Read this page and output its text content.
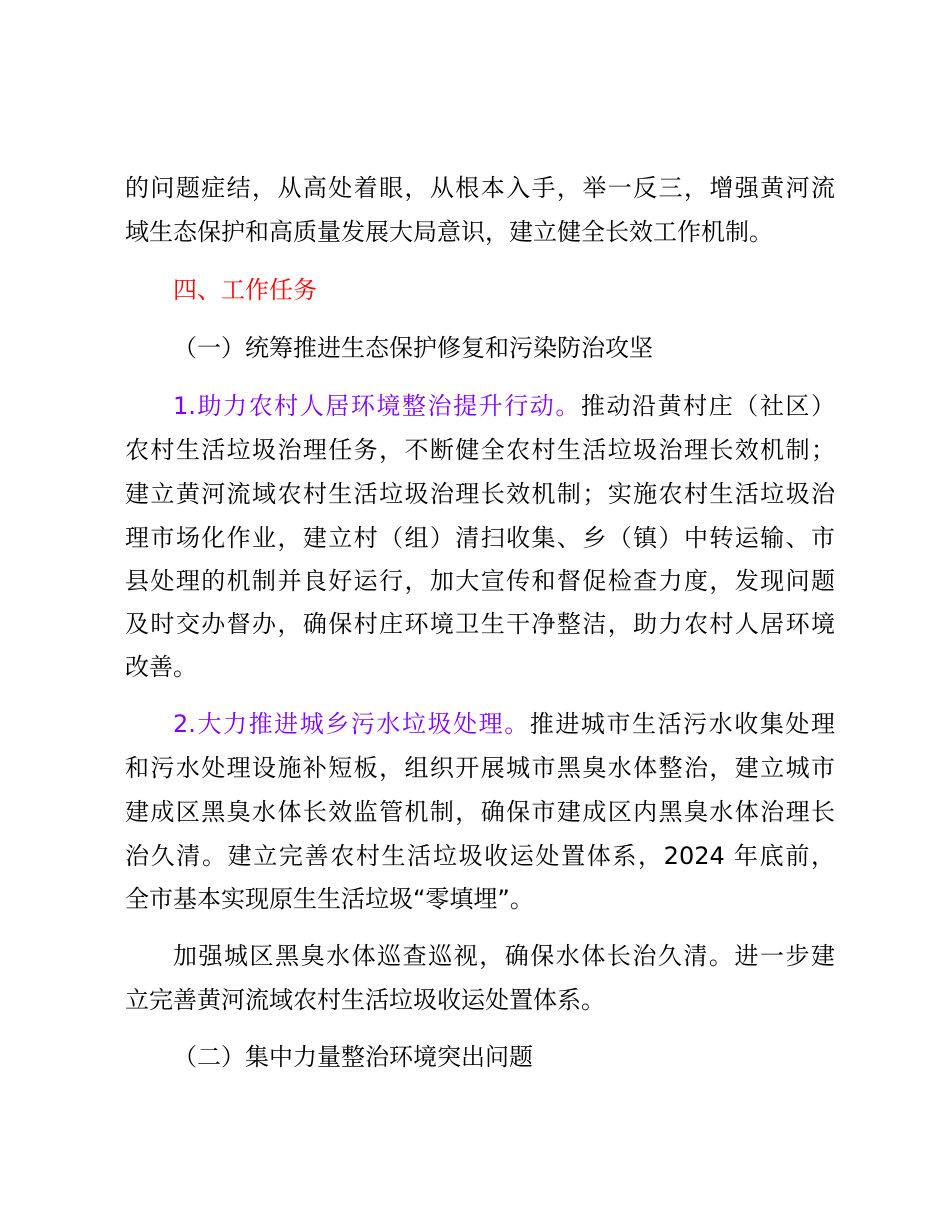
的问题症结，从高处着眼，从根本入手，举一反三，增强黄河流
域生态保护和高质量发展大局意识，建立健全长效工作机制。
四、工作任务
（一）统筹推进生态保护修复和污染防治攻坚
1.助力农村人居环境整治提升行动。推动沿黄村庄（社区）
农村生活垃圾治理任务，不断健全农村生活垃圾治理长效机制；
建立黄河流域农村生活垃圾治理长效机制；实施农村生活垃圾治
理市场化作业，建立村（组）清扫收集、乡（镇）中转运输、市
县处理的机制并良好运行，加大宣传和督促检查力度，发现问题
及时交办督办，确保村庄环境卫生干净整洁，助力农村人居环境
改善。
2.大力推进城乡污水垃圾处理。推进城市生活污水收集处理
和污水处理设施补短板，组织开展城市黑臭水体整治，建立城市
建成区黑臭水体长效监管机制，确保市建成区内黑臭水体治理长
治久清。建立完善农村生活垃圾收运处置体系，2024 年底前，
全市基本实现原生生活垃圾“零填埋”。
加强城区黑臭水体巡查巡视，确保水体长治久清。进一步建
立完善黄河流域农村生活垃圾收运处置体系。
（二）集中力量整治环境突出问题
